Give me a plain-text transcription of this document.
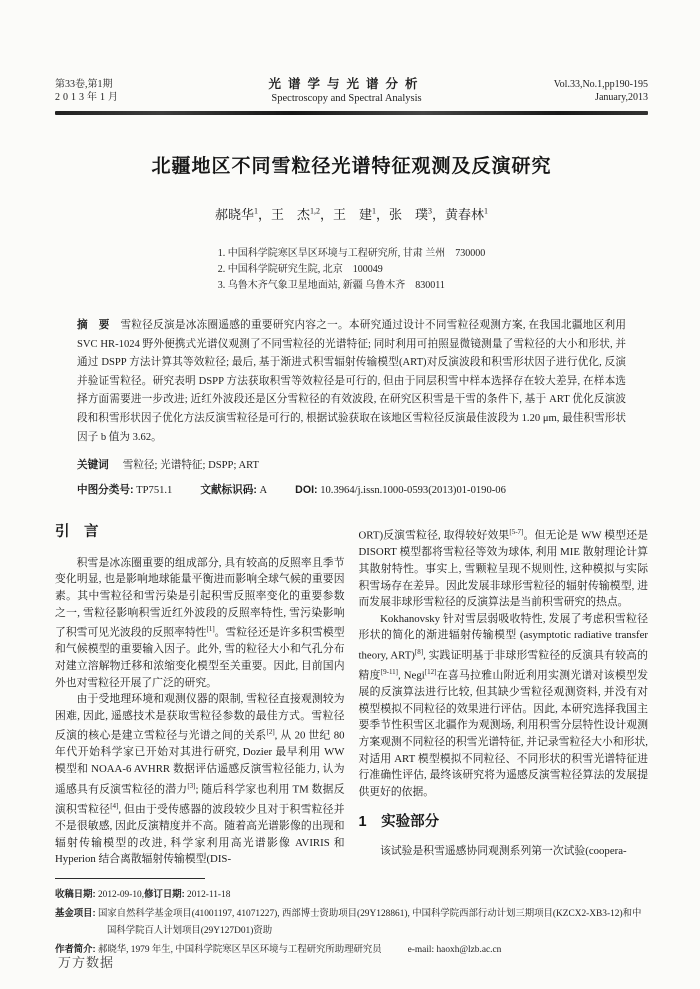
第33卷,第1期
2013年1月
光谱学与光谱分析
Spectroscopy and Spectral Analysis
Vol.33,No.1,pp190-195
January,2013
北疆地区不同雪粒径光谱特征观测及反演研究
郝晓华$^1$，王　杰$^{1,2}$，王　建$^1$，张　璞$^3$，黄春林$^1$
1. 中国科学院寒区旱区环境与工程研究所, 甘肃 兰州　730000
2. 中国科学院研究生院, 北京　100049
3. 乌鲁木齐气象卫星地面站, 新疆 乌鲁木齐　830011

摘　要　 雪粒径反演是冰冻圈遥感的重要研究内容之一。本研究通过设计不同雪粒径观测方案, 在我国北疆地区利用 SVC HR-1024 野外便携式光谱仪观测了不同雪粒径的光谱特征; 同时利用可拍照显微镜测量了雪粒径的大小和形状, 并通过 DSPP 方法计算其等效粒径; 最后, 基于渐进式积雪辐射传输模型(ART)对反演波段和积雪形状因子进行优化, 反演并验证雪粒径。研究表明 DSPP 方法获取积雪等效粒径是可行的, 但由于同层积雪中样本选择存在较大差异, 在样本选择方面需要进一步改进; 近红外波段还是区分雪粒径的有效波段, 在研究区积雪是干雪的条件下, 基于 ART 优化反演波段和积雪形状因子优化方法反演雪粒径是可行的, 根据试验获取在该地区雪粒径反演最佳波段为 1.20 μm, 最佳积雪形状因子 b 值为 3.62。

关键词 雪粒径; 光谱特征; DSPP; ART
中图分类号: TP751.1	文献标识码: A	DOI: 10.3964/j.issn.1000-0593(2013)01-0190-06
引　言

积雪是冰冻圈重要的组成部分, 具有较高的反照率且季节变化明显, 也是影响地球能量平衡进而影响全球气候的重要因素。其中雪粒径和雪污染是引起积雪反照率变化的重要参数之一, 雪粒径影响积雪近红外波段的反照率特性, 雪污染影响了积雪可见光波段的反照率特性[1]。雪粒径还是许多积雪模型和气候模型的重要输入因子。此外, 雪的粒径大小和气孔分布对建立溶解物迁移和浓缩变化模型至关重要。因此, 目前国内外也对雪粒径开展了广泛的研究。

由于受地理环境和观测仪器的限制, 雪粒径直接观测较为困难, 因此, 遥感技术是获取雪粒径参数的最佳方式。雪粒径反演的核心是建立雪粒径与光谱之间的关系[2], 从 20 世纪 80 年代开始科学家已开始对其进行研究, Dozier 最早利用 WW 模型和 NOAA-6 AVHRR 数据评估遥感反演雪粒径能力, 认为遥感具有反演雪粒径的潜力[3]; 随后科学家也利用 TM 数据反演积雪粒径[4], 但由于受传感器的波段较少且对于积雪粒径并不是很敏感, 因此反演精度并不高。随着高光谱影像的出现和辐射传输模型的改进, 科学家利用高光谱影像 AVIRIS 和 Hyperion 结合离散辐射传输模型(DIS-

ORT)反演雪粒径, 取得较好效果[5-7]。但无论是 WW 模型还是 DISORT 模型都将雪粒径等效为球体, 利用 MIE 散射理论计算其散射特性。事实上, 雪颗粒呈现不规则性, 这种模拟与实际积雪场存在差异。因此发展非球形雪粒径的辐射传输模型, 进而发展非球形雪粒径的反演算法是当前积雪研究的热点。

Kokhanovsky 针对雪层弱吸收特性, 发展了考虑积雪粒径形状的简化的渐进辐射传输模型 (asymptotic radiative transfer theory, ART)[8], 实践证明基于非球形雪粒径的反演具有较高的精度[9-11], Negi[12]在喜马拉雅山附近利用实测光谱对该模型发展的反演算法进行比较, 但其缺少雪粒径观测资料, 并没有对模型模拟不同粒径的效果进行评估。因此, 本研究选择我国主要季节性积雪区北疆作为观测场, 利用积雪分层特性设计观测方案观测不同粒径的积雪光谱特征, 并记录雪粒径大小和形状, 对适用 ART 模型模拟不同粒径、不同形状的积雪光谱特征进行准确性评估, 最终该研究将为遥感反演雪粒径算法的发展提供更好的依据。

1　实验部分

该试验是积雪遥感协同观测系列第一次试验(coopera-

收稿日期: 2012-09-10,修订日期: 2012-11-18
基金项目: 国家自然科学基金项目(41001197, 41071227), 西部博士资助项目(29Y128861), 中国科学院西部行动计划三期项目(KZCX2-XB3-12)和中国科学院百人计划项目(29Y127D01)资助
作者简介: 郝晓华, 1979 年生, 中国科学院寒区旱区环境与工程研究所助理研究员	e-mail: haoxh@lzb.ac.cn
万方数据
